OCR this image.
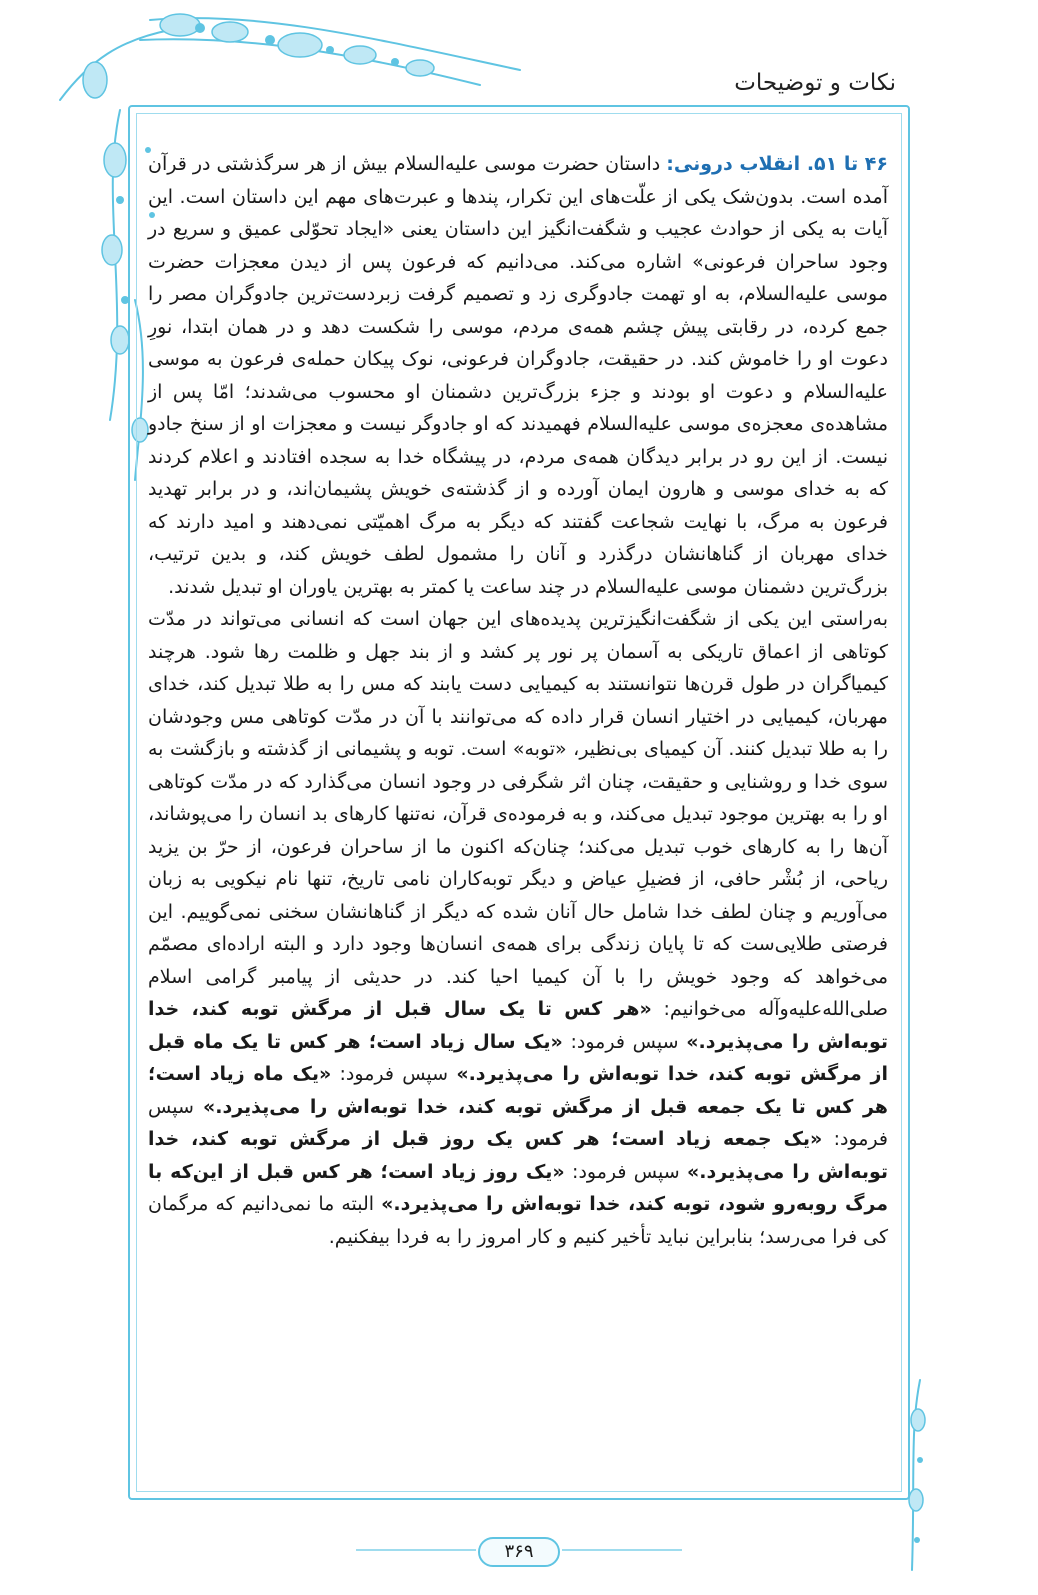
نکات و توضیحات

۴۶ تا ۵۱. انقلاب درونی: داستان حضرت موسی علیه‌السلام بیش از هر سرگذشتی در قرآن آمده است. بدون‌شک یکی از علّت‌های این تکرار، پندها و عبرت‌های مهم این داستان است. این آیات به یکی از حوادث عجیب و شگفت‌انگیز این داستان یعنی «ایجاد تحوّلی عمیق و سریع در وجود ساحران فرعونی» اشاره می‌کند. می‌دانیم که فرعون پس از دیدن معجزات حضرت موسی علیه‌السلام، به او تهمت جادوگری زد و تصمیم گرفت زبردست‌ترین جادوگران مصر را جمع کرده، در رقابتی پیش چشم همه‌ی مردم، موسی را شکست دهد و در همان ابتدا، نورِ دعوت او را خاموش کند. در حقیقت، جادوگران فرعونی، نوک پیکان حمله‌ی فرعون به موسی علیه‌السلام و دعوت او بودند و جزء بزرگ‌ترین دشمنان او محسوب می‌شدند؛ امّا پس از مشاهده‌ی معجزه‌ی موسی علیه‌السلام فهمیدند که او جادوگر نیست و معجزات او از سنخ جادو نیست. از این رو در برابر دیدگان همه‌ی مردم، در پیشگاه خدا به سجده افتادند و اعلام کردند که به خدای موسی و هارون ایمان آورده و از گذشته‌ی خویش پشیمان‌اند، و در برابر تهدید فرعون به مرگ، با نهایت شجاعت گفتند که دیگر به مرگ اهمیّتی نمی‌دهند و امید دارند که خدای مهربان از گناهانشان درگذرد و آنان را مشمول لطف خویش کند، و بدین ترتیب، بزرگ‌ترین دشمنان موسی علیه‌السلام در چند ساعت یا کمتر به بهترین یاوران او تبدیل شدند.

به‌راستی این یکی از شگفت‌انگیزترین پدیده‌های این جهان است که انسانی می‌تواند در مدّت کوتاهی از اعماق تاریکی به آسمان پر نور پر کشد و از بند جهل و ظلمت رها شود. هرچند کیمیاگران در طول قرن‌ها نتوانستند به کیمیایی دست یابند که مس را به طلا تبدیل کند، خدای مهربان، کیمیایی در اختیار انسان قرار داده که می‌توانند با آن در مدّت کوتاهی مس وجودشان را به طلا تبدیل کنند. آن کیمیای بی‌نظیر، «توبه» است. توبه و پشیمانی از گذشته و بازگشت به سوی خدا و روشنایی و حقیقت، چنان اثر شگرفی در وجود انسان می‌گذارد که در مدّت کوتاهی او را به بهترین موجود تبدیل می‌کند، و به فرموده‌ی قرآن، نه‌تنها کارهای بد انسان را می‌پوشاند، آن‌ها را به کارهای خوب تبدیل می‌کند؛ چنان‌که اکنون ما از ساحران فرعون، از حرّ بن یزید ریاحی، از بُشْر حافی، از فضیلِ عیاض و دیگر توبه‌کاران نامی تاریخ، تنها نام نیکویی به زبان می‌آوریم و چنان لطف خدا شامل حال آنان شده که دیگر از گناهانشان سخنی نمی‌گوییم. این فرصتی طلایی‌ست که تا پایان زندگی برای همه‌ی انسان‌ها وجود دارد و البته اراده‌ای مصمّم می‌خواهد که وجود خویش را با آن کیمیا احیا کند. در حدیثی از پیامبر گرامی اسلام صلی‌الله‌علیه‌وآله می‌خوانیم: «هر کس تا یک سال قبل از مرگش توبه کند، خدا توبه‌اش را می‌پذیرد.» سپس فرمود: «یک سال زیاد است؛ هر کس تا یک ماه قبل از مرگش توبه کند، خدا توبه‌اش را می‌پذیرد.» سپس فرمود: «یک ماه زیاد است؛ هر کس تا یک جمعه قبل از مرگش توبه کند، خدا توبه‌اش را می‌پذیرد.» سپس فرمود: «یک جمعه زیاد است؛ هر کس یک روز قبل از مرگش توبه کند، خدا توبه‌اش را می‌پذیرد.» سپس فرمود: «یک روز زیاد است؛ هر کس قبل از این‌که با مرگ روبه‌رو شود، توبه کند، خدا توبه‌اش را می‌پذیرد.» البته ما نمی‌دانیم که مرگمان کی فرا می‌رسد؛ بنابراین نباید تأخیر کنیم و کار امروز را به فردا بیفکنیم.

۳۶۹
